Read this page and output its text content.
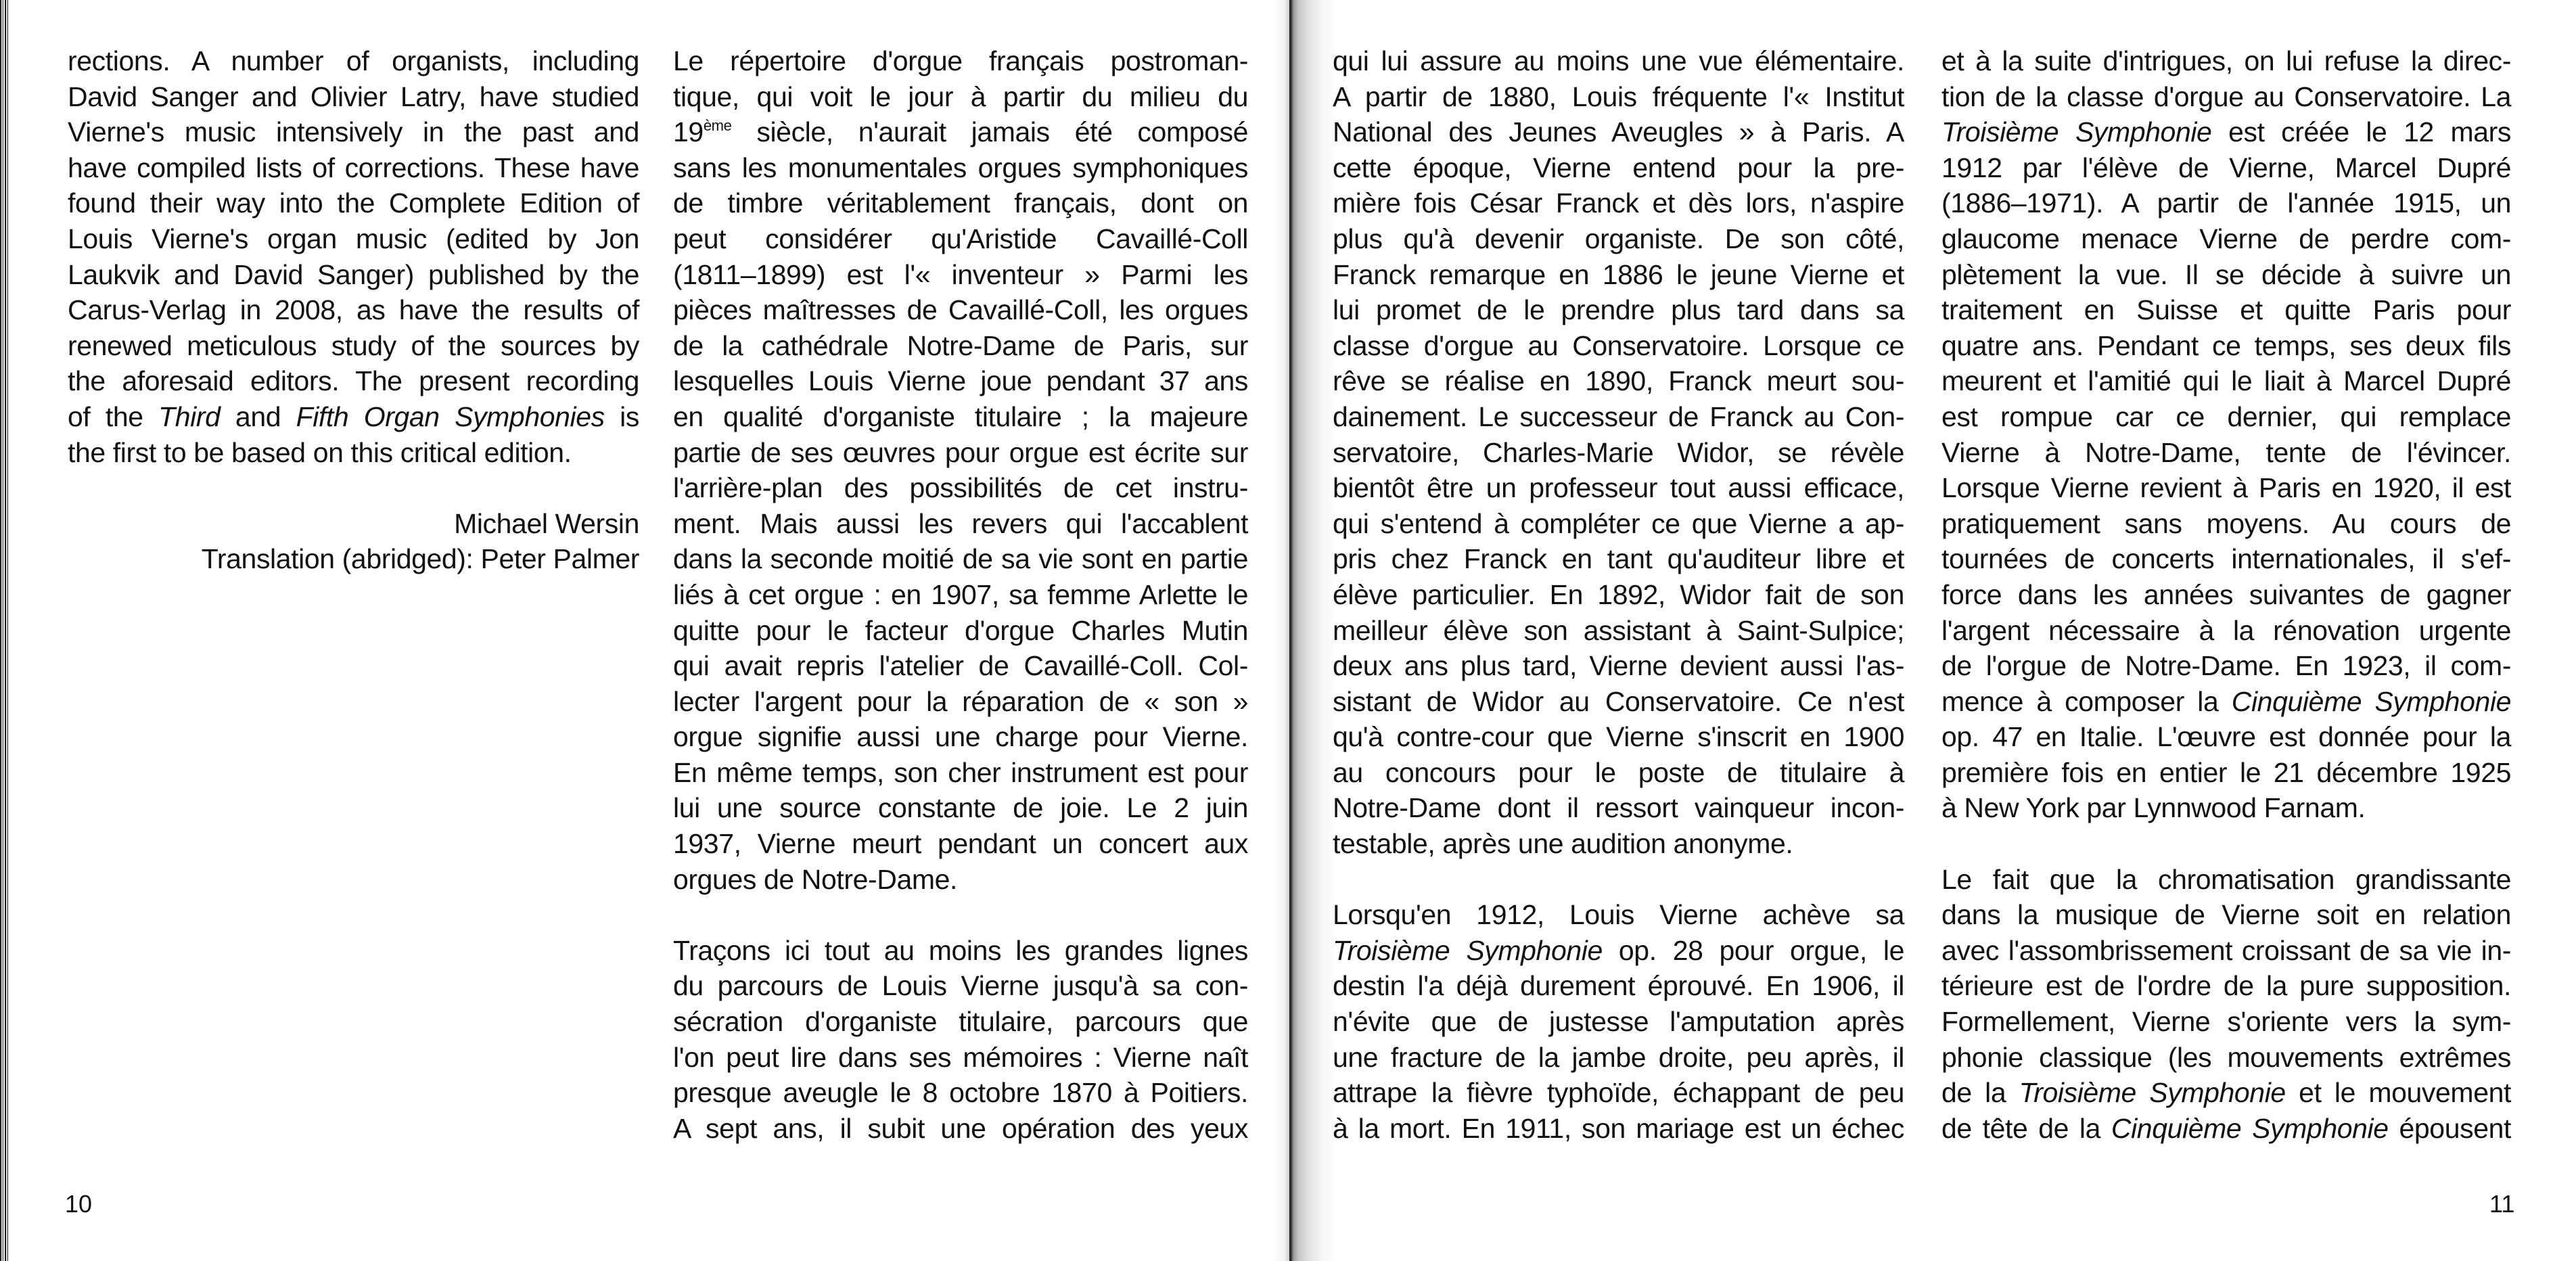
rections. A number of organists, including
David Sanger and Olivier Latry, have studied
Vierne's music intensively in the past and
have compiled lists of corrections. These have
found their way into the Complete Edition of
Louis Vierne's organ music (edited by Jon
Laukvik and David Sanger) published by the
Carus-Verlag in 2008, as have the results of
renewed meticulous study of the sources by
the aforesaid editors. The present recording
of the Third and Fifth Organ Symphonies is
the first to be based on this critical edition.

Michael Wersin
Translation (abridged): Peter Palmer

Le répertoire d'orgue français postroman-
tique, qui voit le jour à partir du milieu du
19ème siècle, n'aurait jamais été composé
sans les monumentales orgues symphoniques
de timbre véritablement français, dont on
peut considérer qu'Aristide Cavaillé-Coll
(1811–1899) est l'« inventeur » Parmi les
pièces maîtresses de Cavaillé-Coll, les orgues
de la cathédrale Notre-Dame de Paris, sur
lesquelles Louis Vierne joue pendant 37 ans
en qualité d'organiste titulaire ; la majeure
partie de ses œuvres pour orgue est écrite sur
l'arrière-plan des possibilités de cet instru-
ment. Mais aussi les revers qui l'accablent
dans la seconde moitié de sa vie sont en partie
liés à cet orgue : en 1907, sa femme Arlette le
quitte pour le facteur d'orgue Charles Mutin
qui avait repris l'atelier de Cavaillé-Coll. Col-
lecter l'argent pour la réparation de « son »
orgue signifie aussi une charge pour Vierne.
En même temps, son cher instrument est pour
lui une source constante de joie. Le 2 juin
1937, Vierne meurt pendant un concert aux
orgues de Notre-Dame.

Traçons ici tout au moins les grandes lignes
du parcours de Louis Vierne jusqu'à sa con-
sécration d'organiste titulaire, parcours que
l'on peut lire dans ses mémoires : Vierne naît
presque aveugle le 8 octobre 1870 à Poitiers.
A sept ans, il subit une opération des yeux

10

qui lui assure au moins une vue élémentaire.
A partir de 1880, Louis fréquente l'« Institut
National des Jeunes Aveugles » à Paris. A
cette époque, Vierne entend pour la pre-
mière fois César Franck et dès lors, n'aspire
plus qu'à devenir organiste. De son côté,
Franck remarque en 1886 le jeune Vierne et
lui promet de le prendre plus tard dans sa
classe d'orgue au Conservatoire. Lorsque ce
rêve se réalise en 1890, Franck meurt sou-
dainement. Le successeur de Franck au Con-
servatoire, Charles-Marie Widor, se révèle
bientôt être un professeur tout aussi efficace,
qui s'entend à compléter ce que Vierne a ap-
pris chez Franck en tant qu'auditeur libre et
élève particulier. En 1892, Widor fait de son
meilleur élève son assistant à Saint-Sulpice;
deux ans plus tard, Vierne devient aussi l'as-
sistant de Widor au Conservatoire. Ce n'est
qu'à contre-cour que Vierne s'inscrit en 1900
au concours pour le poste de titulaire à
Notre-Dame dont il ressort vainqueur incon-
testable, après une audition anonyme.

Lorsqu'en 1912, Louis Vierne achève sa
Troisième Symphonie op. 28 pour orgue, le
destin l'a déjà durement éprouvé. En 1906, il
n'évite que de justesse l'amputation après
une fracture de la jambe droite, peu après, il
attrape la fièvre typhoïde, échappant de peu
à la mort. En 1911, son mariage est un échec

et à la suite d'intrigues, on lui refuse la direc-
tion de la classe d'orgue au Conservatoire. La
Troisième Symphonie est créée le 12 mars
1912 par l'élève de Vierne, Marcel Dupré
(1886–1971). A partir de l'année 1915, un
glaucome menace Vierne de perdre com-
plètement la vue. Il se décide à suivre un
traitement en Suisse et quitte Paris pour
quatre ans. Pendant ce temps, ses deux fils
meurent et l'amitié qui le liait à Marcel Dupré
est rompue car ce dernier, qui remplace
Vierne à Notre-Dame, tente de l'évincer.
Lorsque Vierne revient à Paris en 1920, il est
pratiquement sans moyens. Au cours de
tournées de concerts internationales, il s'ef-
force dans les années suivantes de gagner
l'argent nécessaire à la rénovation urgente
de l'orgue de Notre-Dame. En 1923, il com-
mence à composer la Cinquième Symphonie
op. 47 en Italie. L'œuvre est donnée pour la
première fois en entier le 21 décembre 1925
à New York par Lynnwood Farnam.

Le fait que la chromatisation grandissante
dans la musique de Vierne soit en relation
avec l'assombrissement croissant de sa vie in-
térieure est de l'ordre de la pure supposition.
Formellement, Vierne s'oriente vers la sym-
phonie classique (les mouvements extrêmes
de la Troisième Symphonie et le mouvement
de tête de la Cinquième Symphonie épousent

11
